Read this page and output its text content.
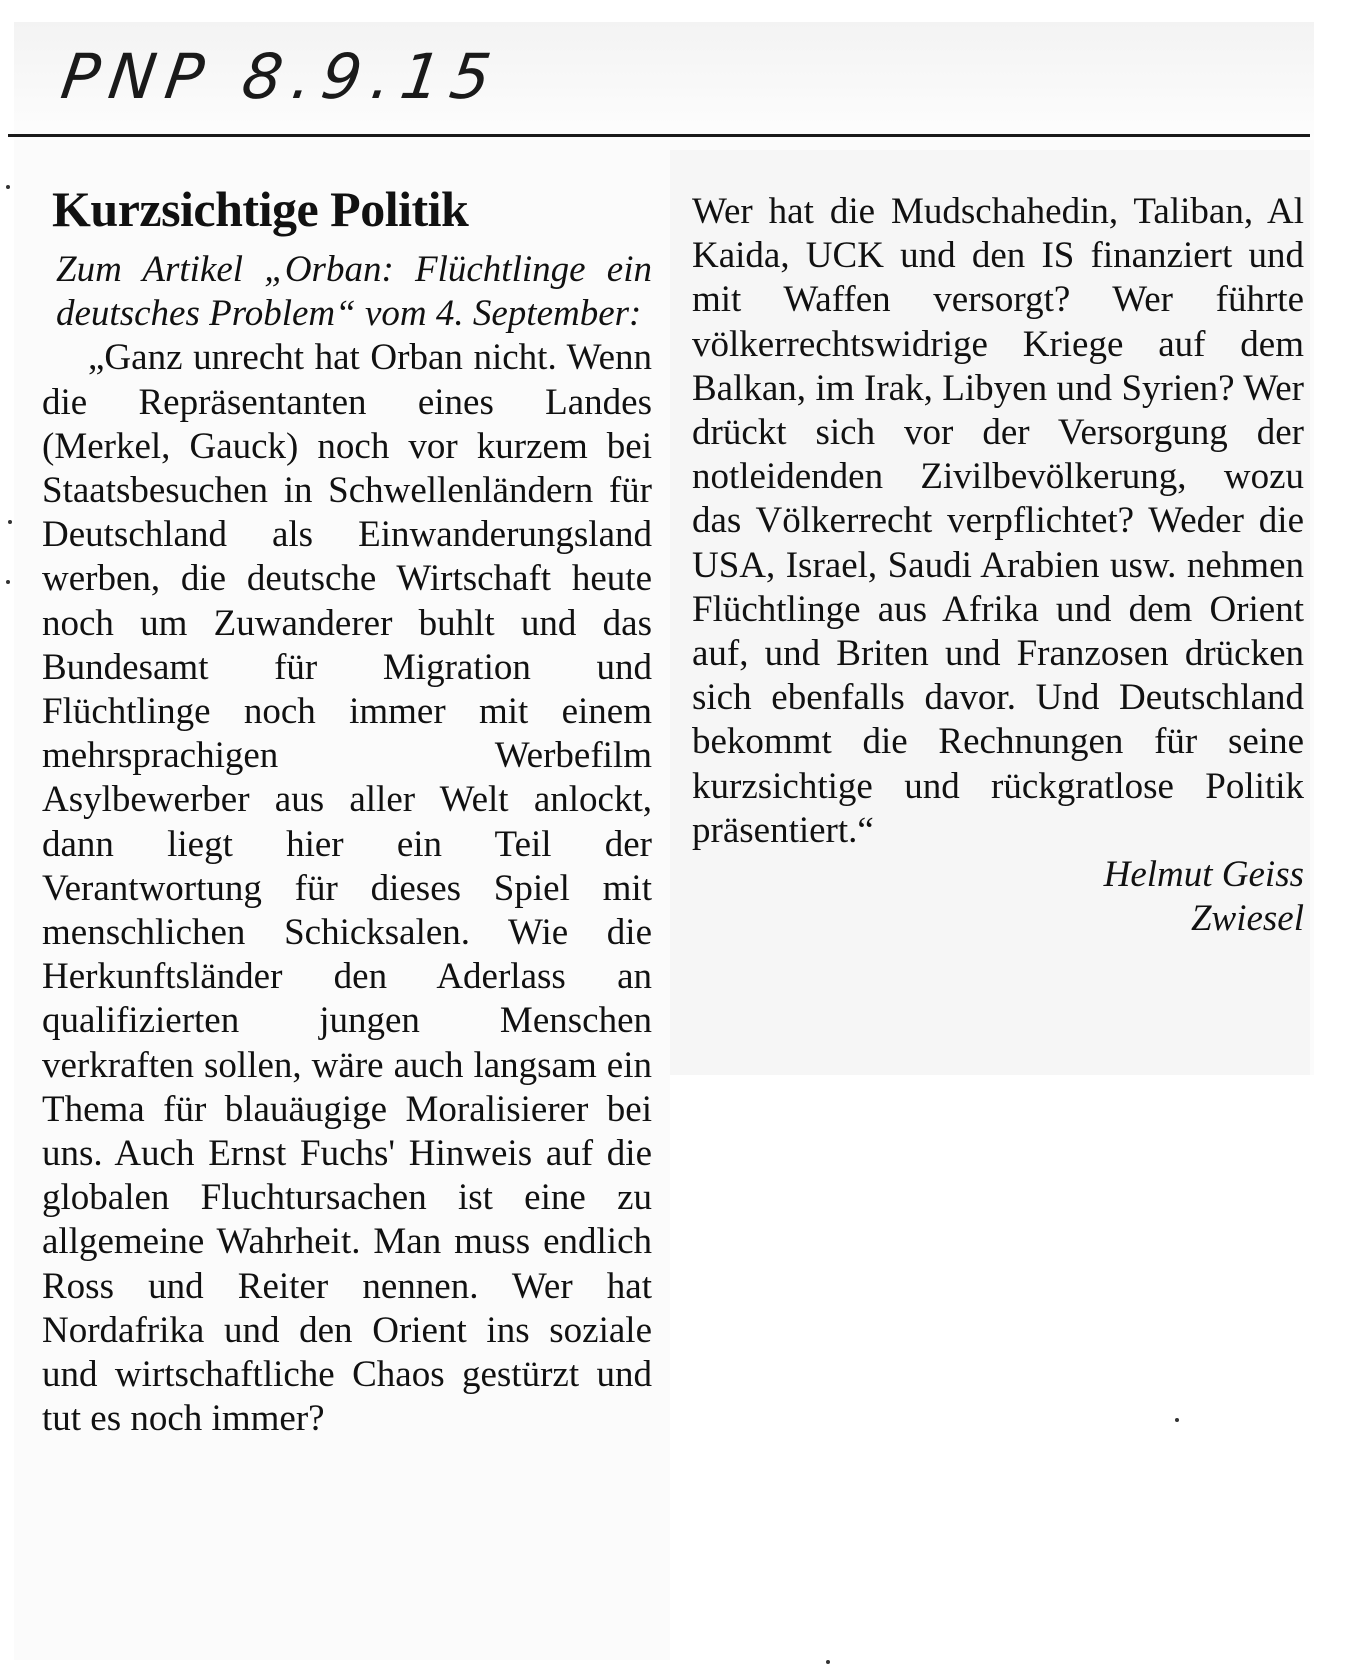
PNP 8.9.15
Kurzsichtige Politik

Zum Artikel „Orban: Flüchtlinge ein deutsches Problem“ vom 4. September:

„Ganz unrecht hat Orban nicht. Wenn die Repräsentanten eines Landes (Merkel, Gauck) noch vor kurzem bei Staatsbesuchen in Schwellenländern für Deutschland als Einwanderungsland werben, die deutsche Wirtschaft heute noch um Zuwanderer buhlt und das Bundesamt für Migration und Flüchtlinge noch immer mit einem mehrsprachigen Werbefilm Asylbewerber aus aller Welt anlockt, dann liegt hier ein Teil der Verantwortung für dieses Spiel mit menschlichen Schicksalen. Wie die Herkunftsländer den Aderlass an qualifizierten jungen Menschen verkraften sollen, wäre auch langsam ein Thema für blauäugige Moralisierer bei uns. Auch Ernst Fuchs' Hinweis auf die globalen Fluchtursachen ist eine zu allgemeine Wahrheit. Man muss endlich Ross und Reiter nennen. Wer hat Nordafrika und den Orient ins soziale und wirtschaftliche Chaos gestürzt und tut es noch immer?

Wer hat die Mudschahedin, Taliban, Al Kaida, UCK und den IS finanziert und mit Waffen versorgt? Wer führte völkerrechtswidrige Kriege auf dem Balkan, im Irak, Libyen und Syrien? Wer drückt sich vor der Versorgung der notleidenden Zivilbevölkerung, wozu das Völkerrecht verpflichtet? Weder die USA, Israel, Saudi Arabien usw. nehmen Flüchtlinge aus Afrika und dem Orient auf, und Briten und Franzosen drücken sich ebenfalls davor. Und Deutschland bekommt die Rechnungen für seine kurzsichtige und rückgratlose Politik präsentiert.“

Helmut Geiss

Zwiesel
